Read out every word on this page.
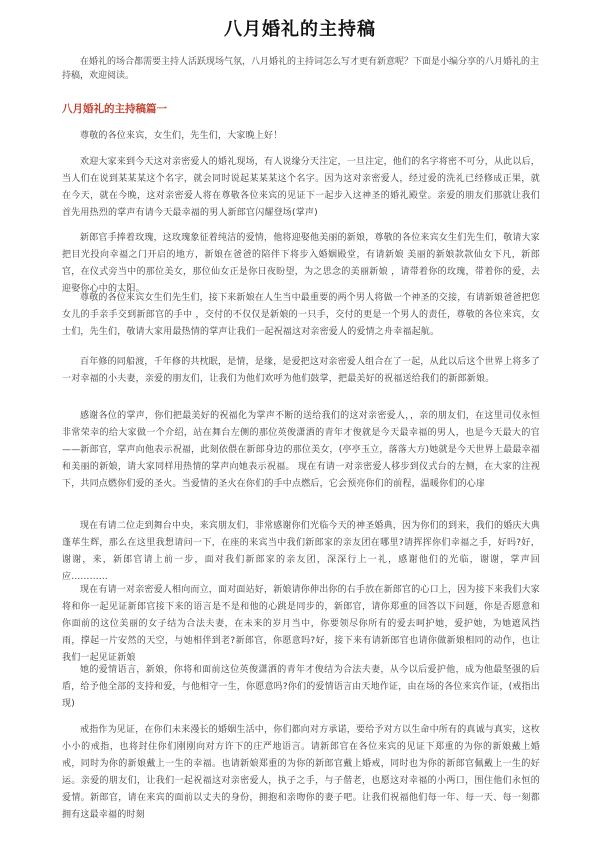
八月婚礼的主持稿
在婚礼的场合都需要主持人活跃现场气氛，八月婚礼的主持词怎么写才更有新意呢？下面是小编分享的八月婚礼的主持稿，欢迎阅读。
八月婚礼的主持稿篇一
尊敬的各位来宾，女生们，先生们，大家晚上好！
欢迎大家来到今天这对亲密爱人的婚礼现场，有人说缘分天注定，一旦注定，他们的名字将密不可分，从此以后，当人们在说到某某某这个名字，就会同时说起某某某这个名字。因为这对亲密爱人，经过爱的洗礼已经修成正果，就在今天，就在今晚，这对亲密爱人将在尊敬各位来宾的见证下一起步入这神圣的婚礼殿堂。亲爱的朋友们那就让我们首先用热烈的掌声有请今天最幸福的男人新郎官闪耀登场(掌声)
新郎官手捧着玫瑰，这玫瑰象征着纯洁的爱情，他将迎娶他美丽的新娘，尊敬的各位来宾女生们先生们，敬请大家把目光投向幸福之门开启的地方，新娘在爸爸的陪伴下将步入婚姻殿堂，有请新娘 美丽的新娘款款仙女下凡，新郎官，在仪式旁当中的那位美女，那位仙女正是你日夜盼望，为之思念的美丽新娘 ，请带着你的玫瑰，带着你的爱，去迎娶你心中的太阳。
尊敬的各位来宾女生们先生们，接下来新娘在人生当中最重要的两个男人将做一个神圣的交接，有请新娘爸爸把您女儿的手亲手交到新郎官的手中 ，交付的不仅仅是新娘的一只手，交付的更是一个男人的责任，尊敬的各位来宾，女士们，先生们，敬请大家用最热情的掌声让我们一起祝福这对亲密爱人的爱情之舟幸福起航。
百年修的同船渡，千年修的共枕眠，是情，是缘，是爱把这对亲密爱人组合在了一起，从此以后这个世界上将多了一对幸福的小夫妻，亲爱的朋友们，让我们为他们欢呼为他们鼓掌，把最美好的祝福送给我们的新郎新娘。
感谢各位的掌声，你们把最美好的祝福化为掌声不断的送给我们的这对亲密爱人，，亲的朋友们，在这里司仪永恒非常荣幸的给大家做一个介绍，站在舞台左侧的那位英俊潇洒的青年才俊就是今天最幸福的男人，也是今天最大的官——新郎官，掌声向他表示祝福，此刻依偎在新郎身边的那位美女，(亭亭玉立，落落大方)她就是今天世界上最最幸福和美丽的新娘，请大家同样用热情的掌声向她表示祝福。 现在有请一对亲密爱人移步到仪式台的左侧，在大家的注视下，共同点燃你们爱的圣火。当爱情的圣火在你们的手中点燃后，它会预亮你们的前程，温暖你们的心扉
现在有请二位走到舞台中央，来宾朋友们，非常感谢你们光临今天的神圣婚典，因为你们的到来，我们的婚庆大典蓬荜生辉，那么在这里我想请问一下，在座的来宾当中我们新郎家的亲友团在哪里?请挥挥你们幸福之手，好吗?好，谢谢，来，新郎官请上前一步，面对我们新郎家的亲友团，深深行上一礼，感谢他们的光临，谢谢，掌声回应…………
现在有请一对亲密爱人相向而立，面对面站好，新娘请你伸出你的右手放在新郎官的心口上，因为接下来我们大家将和你一起见证新郎官接下来的语言是不是和他的心跳是同步的，新郎官，请你郑重的回答以下问题，你是否愿意和你面前的这位美丽的女子结为合法夫妻，在未来的岁月当中，你要领尽你所有的爱去呵护她，爱护她，为她遮风挡雨，撑起一片安然的天空，与她相伴到老?新郎官，你愿意吗?好，接下来有请新郎官也请你做新娘相同的动作，也让我们一起见证新娘
她的爱情语言，新娘，你将和面前这位英俊潇洒的青年才俊结为合法夫妻，从今以后爱护他，成为他最坚强的后盾，给予他全部的支持和爱，与他相守一生，你愿意吗?你们的爱情语言由天地作证，由在场的各位来宾作证，(戒指出现)
戒指作为见证，在你们未来漫长的婚姻生活中，你们都向对方承诺，要给予对方以生命中所有的真诚与真实，这枚小小的戒指，也将封住你们刚刚向对方许下的庄严地语言。请新郎官在各位来宾的见证下郑重的为你的新娘戴上婚戒，同时为你的新娘戴上一生的幸福。也请新娘郑重的为你的新郎官戴上婚戒，同时也为你的新郎官佩戴上一生的好运。亲爱的朋友们，让我们一起祝福这对亲密爱人，执子之手，与子偕老，也愿这对幸福的小两口，围住他们永恒的爱情。新郎官，请在来宾的面前以丈夫的身份，拥抱和亲吻你的妻子吧。让我们祝福他们每一年、每一天、每一刻都拥有这最幸福的时刻
